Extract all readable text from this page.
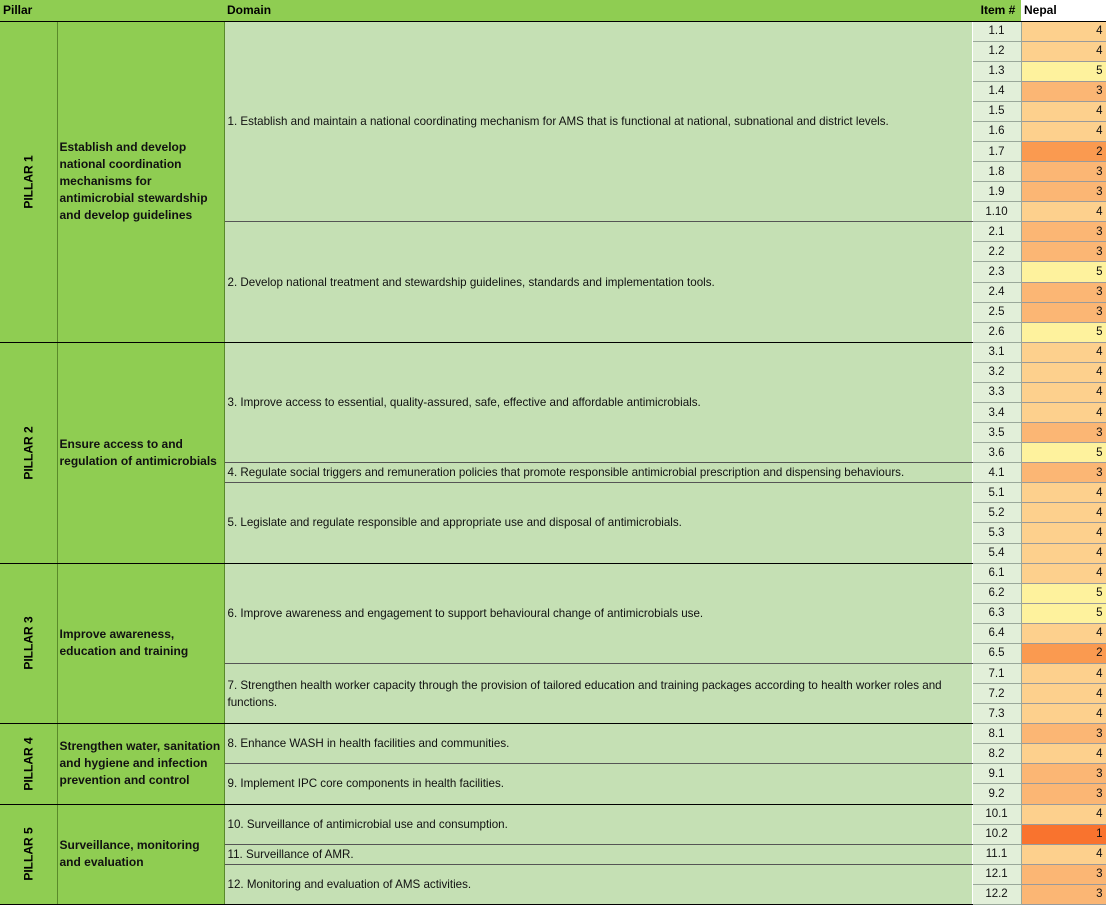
Pillar		Domain Item #		Nepal
PILLAR 1	Establish and develop national coordination mechanisms for antimicrobial stewardship and develop guidelines	1. Establish and maintain a national coordinating mechanism for AMS that is functional at national, subnational and district levels.	1.1	4
			1.2	4
			1.3	5
			1.4	3
			1.5	4
			1.6	4
			1.7	2
			1.8	3
			1.9	3
			1.10	4
		2. Develop national treatment and stewardship guidelines, standards and implementation tools.	2.1	3
			2.2	3
			2.3	5
			2.4	3
			2.5	3
			2.6	5
PILLAR 2	Ensure access to and regulation of antimicrobials	3. Improve access to essential, quality-assured, safe, effective and affordable antimicrobials.	3.1	4
			3.2	4
			3.3	4
			3.4	4
			3.5	3
			3.6	5
		4. Regulate social triggers and remuneration policies that promote responsible antimicrobial prescription and dispensing behaviours.	4.1	3
		5. Legislate and regulate responsible and appropriate use and disposal of antimicrobials.	5.1	4
			5.2	4
			5.3	4
			5.4	4
PILLAR 3	Improve awareness, education and training	6. Improve awareness and engagement to support behavioural change of antimicrobials use.	6.1	4
			6.2	5
			6.3	5
			6.4	4
			6.5	2
		7. Strengthen health worker capacity through the provision of tailored education and training packages according to health worker roles and functions.	7.1	4
			7.2	4
			7.3	4
PILLAR 4	Strengthen water, sanitation and hygiene and infection prevention and control	8. Enhance WASH in health facilities and communities.	8.1	3
			8.2	4
		9. Implement IPC core components in health facilities.	9.1	3
			9.2	3
PILLAR 5	Surveillance, monitoring and evaluation	10. Surveillance of antimicrobial use and consumption.	10.1	4
			10.2	1
		11. Surveillance of AMR.	11.1	4
		12. Monitoring and evaluation of AMS activities.	12.1	3
			12.2	3
